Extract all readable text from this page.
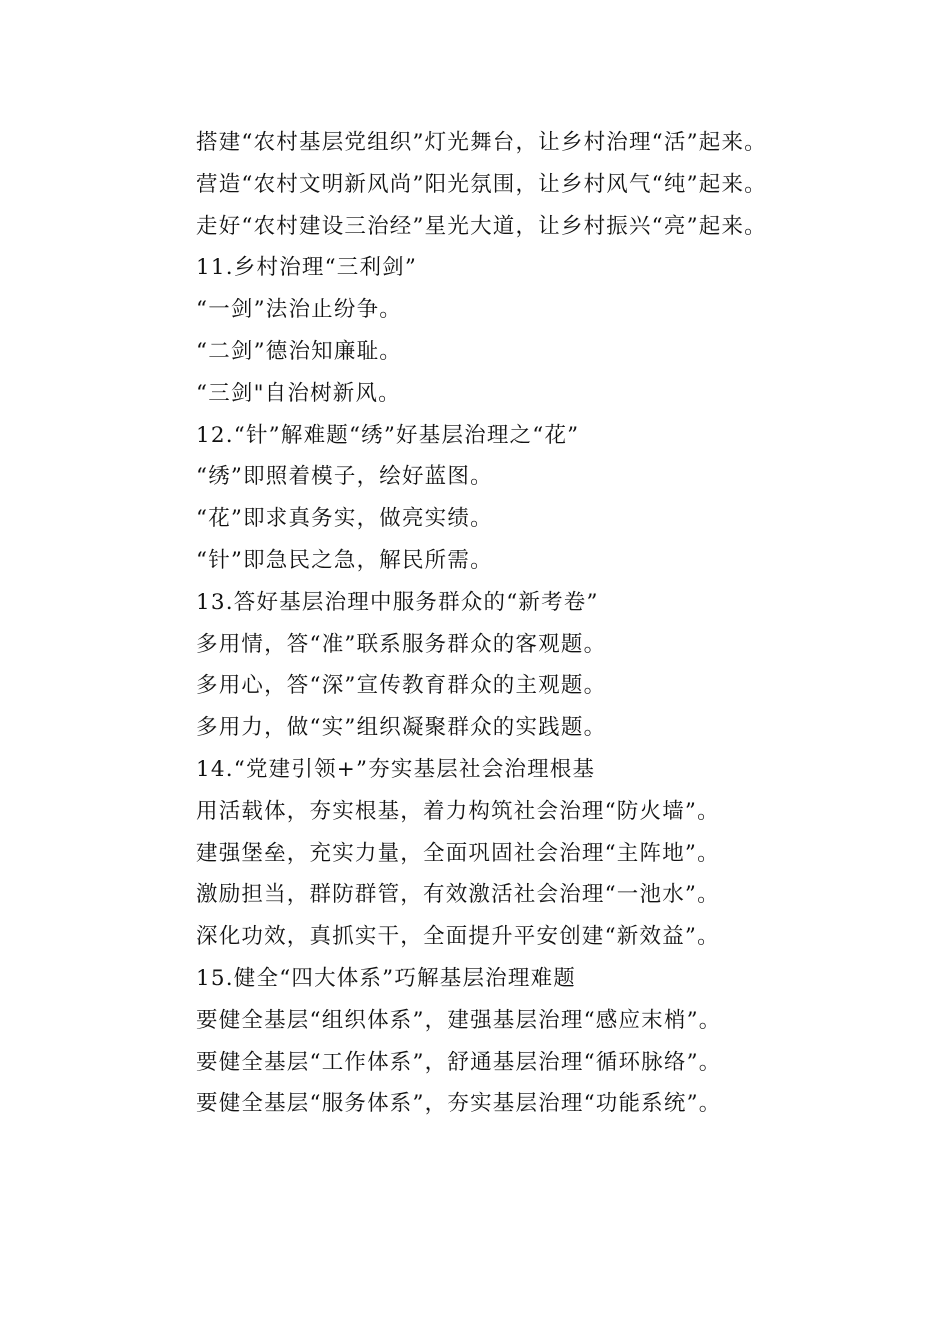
搭建“农村基层党组织”灯光舞台，让乡村治理“活”起来。
营造“农村文明新风尚”阳光氛围，让乡村风气“纯”起来。
走好“农村建设三治经”星光大道，让乡村振兴“亮”起来。
11.乡村治理“三利剑”
“一剑”法治止纷争。
“二剑”德治知廉耻。
“三剑"自治树新风。
12.“针”解难题“绣”好基层治理之“花”
“绣”即照着模子，绘好蓝图。
“花”即求真务实，做亮实绩。
“针”即急民之急，解民所需。
13.答好基层治理中服务群众的“新考卷”
多用情，答“准”联系服务群众的客观题。
多用心，答“深”宣传教育群众的主观题。
多用力，做“实”组织凝聚群众的实践题。
14.“党建引领+”夯实基层社会治理根基
用活载体，夯实根基，着力构筑社会治理“防火墙”。
建强堡垒，充实力量，全面巩固社会治理“主阵地”。
激励担当，群防群管，有效激活社会治理“一池水”。
深化功效，真抓实干，全面提升平安创建“新效益”。
15.健全“四大体系”巧解基层治理难题
要健全基层“组织体系”，建强基层治理“感应末梢”。
要健全基层“工作体系”，舒通基层治理“循环脉络”。
要健全基层“服务体系”，夯实基层治理“功能系统”。
